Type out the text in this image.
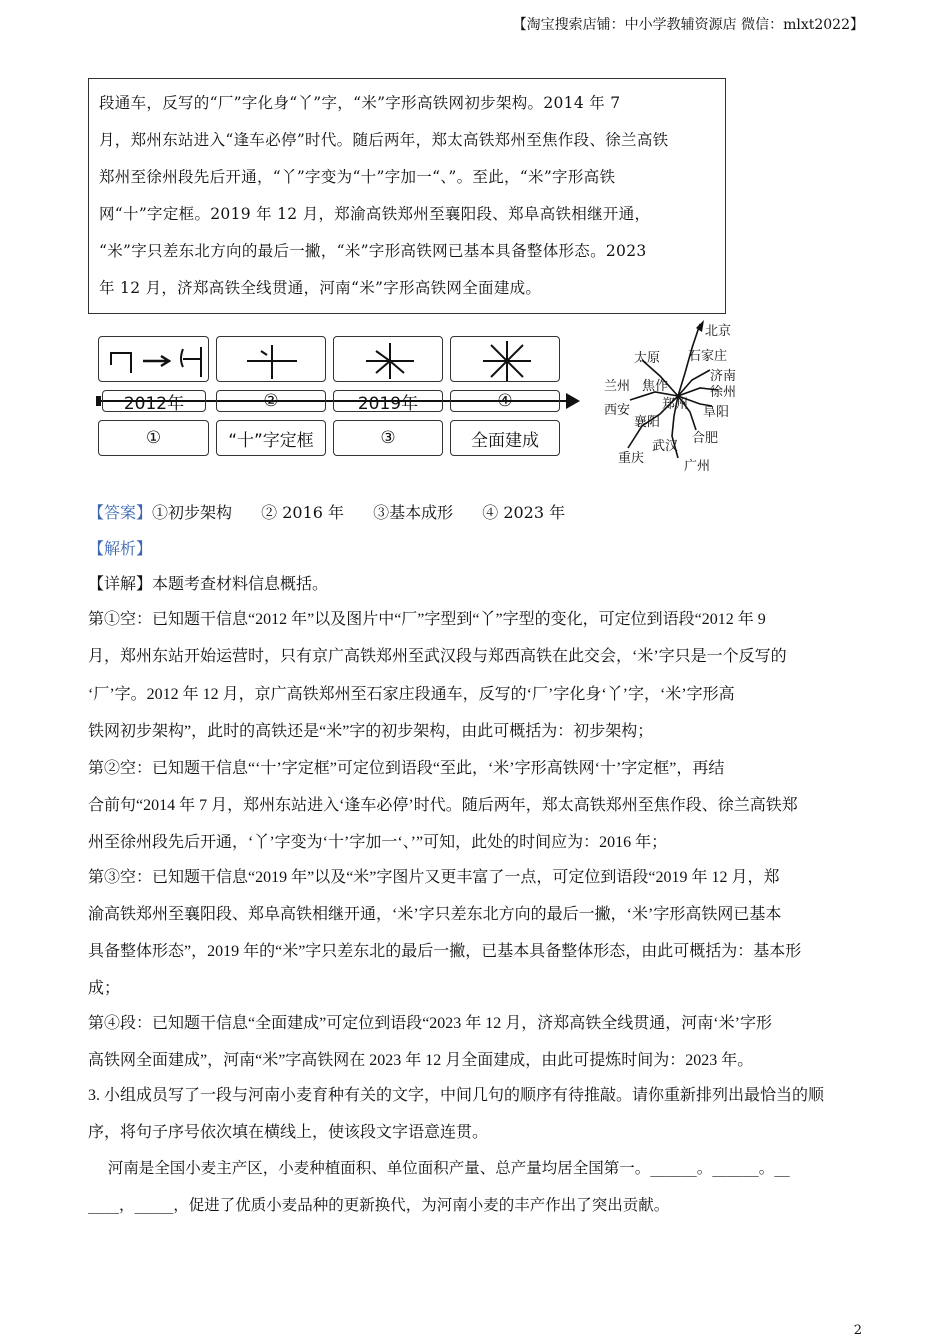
【淘宝搜索店铺：中小学教辅资源店 微信：mlxt2022】

段通车，反写的“厂”字化身“丫”字，“米”字形高铁网初步架构。2014 年 7

月，郑州东站进入“逢车必停”时代。随后两年，郑太高铁郑州至焦作段、徐兰高铁

郑州至徐州段先后开通，“丫”字变为“十”字加一“、”。至此，“米”字形高铁

网“十”字定框。2019 年 12 月，郑渝高铁郑州至襄阳段、郑阜高铁相继开通，

“米”字只差东北方向的最后一撇，“米”字形高铁网已基本具备整体形态。2023

年 12 月，济郑高铁全线贯通，河南“米”字形高铁网全面建成。

2012年	②	2019年	④
①	“十”字定框	③	全面建成
北京
太原 石家庄
济南
兰州 焦作	徐州
西安 郑州
阜阳
襄阳
合肥
武汉
重庆
广州
【答案】①初步架构    ② 2016 年    ③基本成形    ④ 2023 年
【解析】
【详解】本题考查材料信息概括。
第①空：已知题干信息“2012 年”以及图片中“厂”字型到“丫”字型的变化，可定位到语段“2012 年 9
月，郑州东站开始运营时，只有京广高铁郑州至武汉段与郑西高铁在此交会，‘米’字只是一个反写的
‘厂’字。2012 年 12 月，京广高铁郑州至石家庄段通车，反写的‘厂’字化身‘丫’字，‘米’字形高
铁网初步架构”，此时的高铁还是“米”字的初步架构，由此可概括为：初步架构；
第②空：已知题干信息“‘十’字定框”可定位到语段“至此，‘米’字形高铁网‘十’字定框”，再结
合前句“2014 年 7 月，郑州东站进入‘逢车必停’时代。随后两年，郑太高铁郑州至焦作段、徐兰高铁郑
州至徐州段先后开通，‘丫’字变为‘十’字加一‘、’”可知，此处的时间应为：2016 年；
第③空：已知题干信息“2019 年”以及“米”字图片又更丰富了一点，可定位到语段“2019 年 12 月，郑
渝高铁郑州至襄阳段、郑阜高铁相继开通，‘米’字只差东北方向的最后一撇，‘米’字形高铁网已基本
具备整体形态”，2019 年的“米”字只差东北的最后一撇，已基本具备整体形态，由此可概括为：基本形
成；
第④段：已知题干信息“全面建成”可定位到语段“2023 年 12 月，济郑高铁全线贯通，河南‘米’字形
高铁网全面建成”，河南“米”字高铁网在 2023 年 12 月全面建成，由此可提炼时间为：2023 年。
3. 小组成员写了一段与河南小麦育种有关的文字，中间几句的顺序有待推敲。请你重新排列出最恰当的顺
序，将句子序号依次填在横线上，使该段文字语意连贯。
河南是全国小麦主产区，小麦种植面积、单位面积产量、总产量均居全国第一。______。______。__
____，_____，促进了优质小麦品种的更新换代，为河南小麦的丰产作出了突出贡献。
2
